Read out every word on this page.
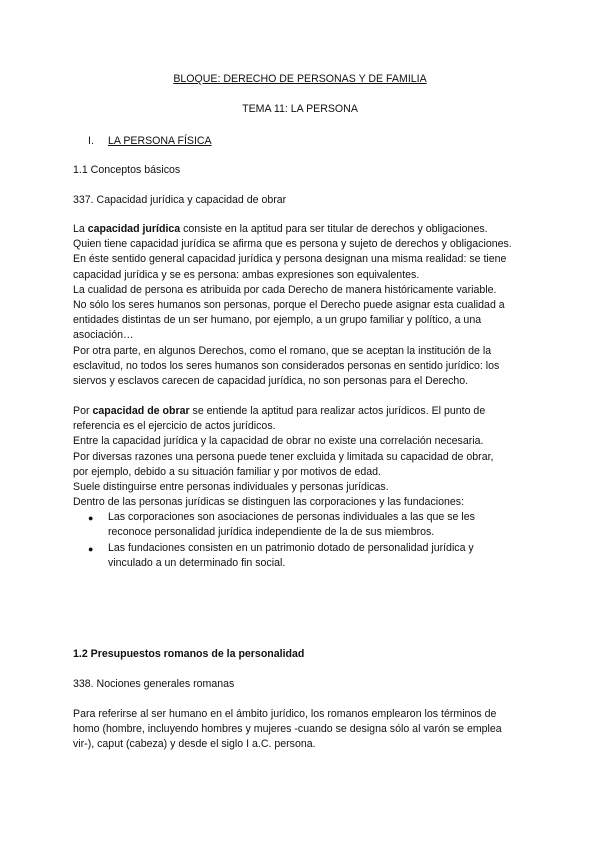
BLOQUE: DERECHO DE PERSONAS Y DE FAMILIA
TEMA 11: LA PERSONA
I. LA PERSONA FÍSICA
1.1 Conceptos básicos
337. Capacidad jurídica y capacidad de obrar
La capacidad jurídica consiste en la aptitud para ser titular de derechos y obligaciones.
Quien tiene capacidad jurídica se afirma que es persona y sujeto de derechos y obligaciones.
En éste sentido general capacidad jurídica y persona designan una misma realidad: se tiene
capacidad jurídica y se es persona: ambas expresiones son equivalentes.
La cualidad de persona es atribuida por cada Derecho de manera históricamente variable.
No sólo los seres humanos son personas, porque el Derecho puede asignar esta cualidad a
entidades distintas de un ser humano, por ejemplo, a un grupo familiar y político, a una
asociación…
Por otra parte, en algunos Derechos, como el romano, que se aceptan la institución de la
esclavitud, no todos los seres humanos son considerados personas en sentido jurídico: los
siervos y esclavos carecen de capacidad jurídica, no son personas para el Derecho.
Por capacidad de obrar se entiende la aptitud para realizar actos jurídicos. El punto de
referencia es el ejercicio de actos jurídicos.
Entre la capacidad jurídica y la capacidad de obrar no existe una correlación necesaria.
Por diversas razones una persona puede tener excluida y limitada su capacidad de obrar,
por ejemplo, debido a su situación familiar y por motivos de edad.
Suele distinguirse entre personas individuales y personas jurídicas.
Dentro de las personas jurídicas se distinguen las corporaciones y las fundaciones:
● Las corporaciones son asociaciones de personas individuales a las que se les
reconoce personalidad jurídica independiente de la de sus miembros.
● Las fundaciones consisten en un patrimonio dotado de personalidad jurídica y
vinculado a un determinado fin social.
1.2 Presupuestos romanos de la personalidad
338. Nociones generales romanas
Para referirse al ser humano en el ámbito jurídico, los romanos emplearon los términos de
homo (hombre, incluyendo hombres y mujeres -cuando se designa sólo al varón se emplea
vir-), caput (cabeza) y desde el siglo I a.C. persona.
